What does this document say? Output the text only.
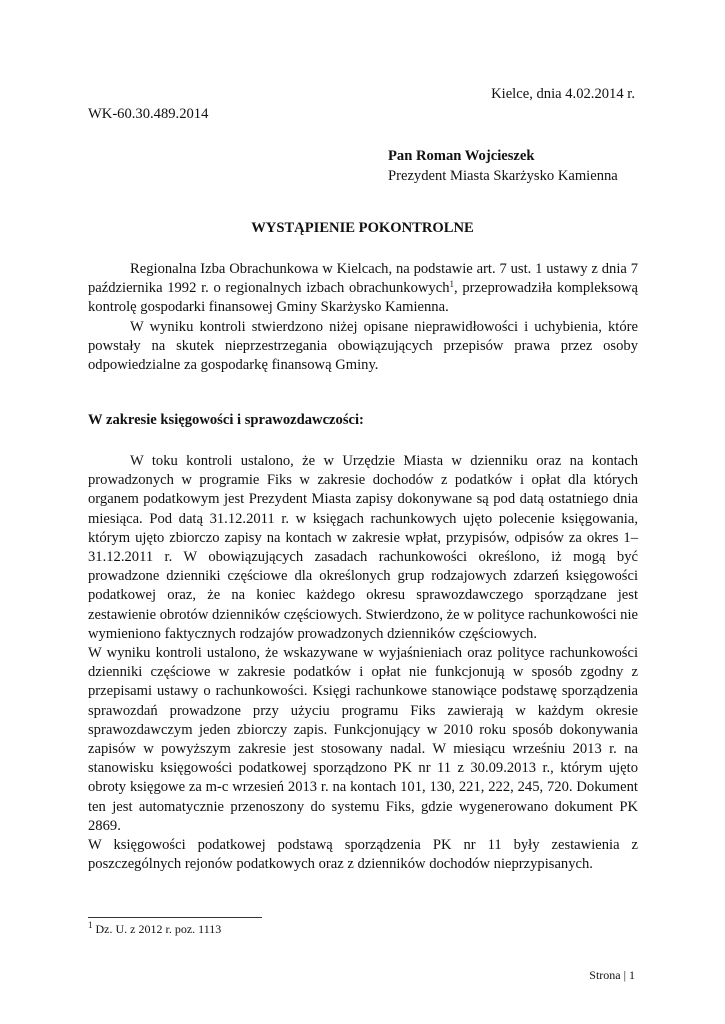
Kielce, dnia 4.02.2014 r.
WK-60.30.489.2014
Pan Roman Wojcieszek
Prezydent Miasta Skarżysko Kamienna
WYSTĄPIENIE POKONTROLNE

Regionalna Izba Obrachunkowa w Kielcach, na podstawie art. 7 ust. 1 ustawy z dnia 7 października 1992 r. o regionalnych izbach obrachunkowych$^1$, przeprowadziła kompleksową kontrolę gospodarki finansowej Gminy Skarżysko Kamienna.

W wyniku kontroli stwierdzono niżej opisane nieprawidłowości i uchybienia, które powstały na skutek nieprzestrzegania obowiązujących przepisów prawa przez osoby odpowiedzialne za gospodarkę finansową Gminy.

W zakresie księgowości i sprawozdawczości:

W toku kontroli ustalono, że w Urzędzie Miasta w dzienniku oraz na kontach prowadzonych w programie Fiks w zakresie dochodów z podatków i opłat dla których organem podatkowym jest Prezydent Miasta zapisy dokonywane są pod datą ostatniego dnia miesiąca. Pod datą 31.12.2011 r. w księgach rachunkowych ujęto polecenie księgowania, którym ujęto zbiorczo zapisy na kontach w zakresie wpłat, przypisów, odpisów za okres 1–31.12.2011 r. W obowiązujących zasadach rachunkowości określono, iż mogą być prowadzone dzienniki częściowe dla określonych grup rodzajowych zdarzeń księgowości podatkowej oraz, że na koniec każdego okresu sprawozdawczego sporządzane jest zestawienie obrotów dzienników częściowych. Stwierdzono, że w polityce rachunkowości nie wymieniono faktycznych rodzajów prowadzonych dzienników częściowych.

W wyniku kontroli ustalono, że wskazywane w wyjaśnieniach oraz polityce rachunkowości dzienniki częściowe w zakresie podatków i opłat nie funkcjonują w sposób zgodny z przepisami ustawy o rachunkowości. Księgi rachunkowe stanowiące podstawę sporządzenia sprawozdań prowadzone przy użyciu programu Fiks zawierają w każdym okresie sprawozdawczym jeden zbiorczy zapis. Funkcjonujący w 2010 roku sposób dokonywania zapisów w powyższym zakresie jest stosowany nadal. W miesiącu wrześniu 2013 r. na stanowisku księgowości podatkowej sporządzono PK nr 11 z 30.09.2013 r., którym ujęto obroty księgowe za m-c wrzesień 2013 r. na kontach 101, 130, 221, 222, 245, 720. Dokument ten jest automatycznie przenoszony do systemu Fiks, gdzie wygenerowano dokument PK 2869.

W księgowości podatkowej podstawą sporządzenia PK nr 11 były zestawienia z poszczególnych rejonów podatkowych oraz z dzienników dochodów nieprzypisanych.

$^1$ Dz. U. z 2012 r. poz. 1113
Strona | 1
